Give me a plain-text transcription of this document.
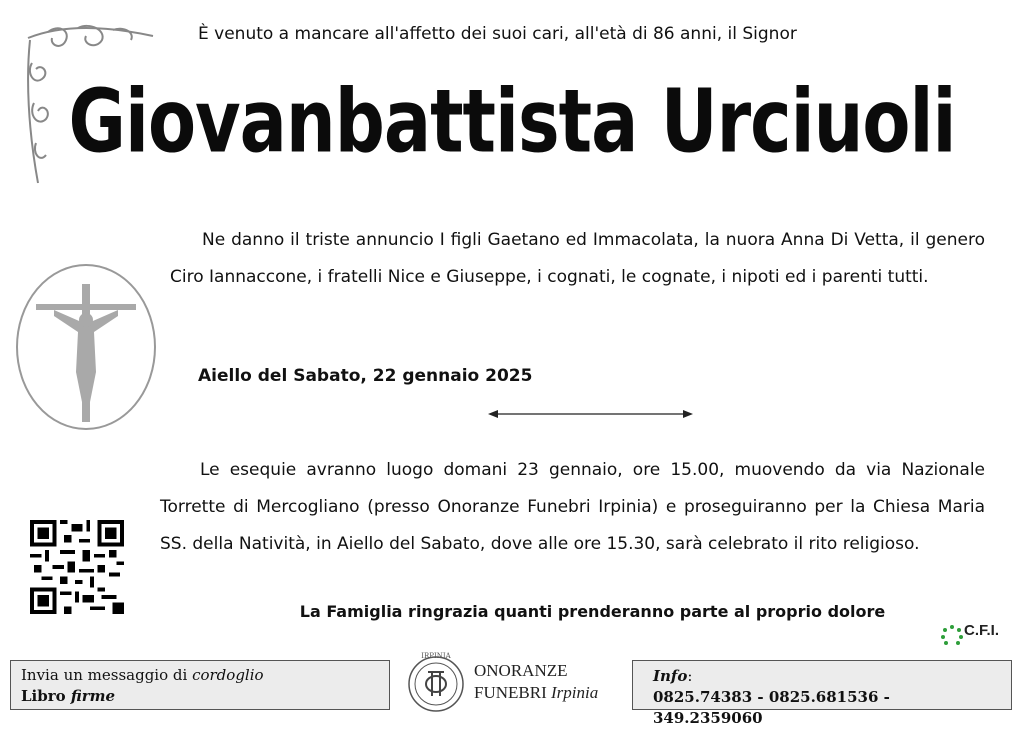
È venuto a mancare all'affetto dei suoi cari, all'età di 86 anni, il Signor
Giovanbattista Urciuoli
Ne danno il triste annuncio I figli Gaetano ed Immacolata, la nuora Anna Di Vetta, il genero Ciro Iannaccone, i fratelli Nice e Giuseppe, i cognati, le cognate, i nipoti ed i parenti tutti.
Aiello del Sabato, 22 gennaio 2025
Le esequie avranno luogo domani 23 gennaio, ore 15.00, muovendo da via Nazionale Torrette di Mercogliano (presso Onoranze Funebri Irpinia) e proseguiranno per la Chiesa Maria SS. della Natività, in Aiello del Sabato, dove alle ore 15.30, sarà celebrato il rito religioso.
La Famiglia ringrazia quanti prenderanno parte al proprio dolore
C.F.I.
Invia un messaggio di cordoglio
Libro firme
IRPINIA
ONORANZE
FUNEBRI Irpinia
Info:
0825.74383 - 0825.681536 - 349.2359060
